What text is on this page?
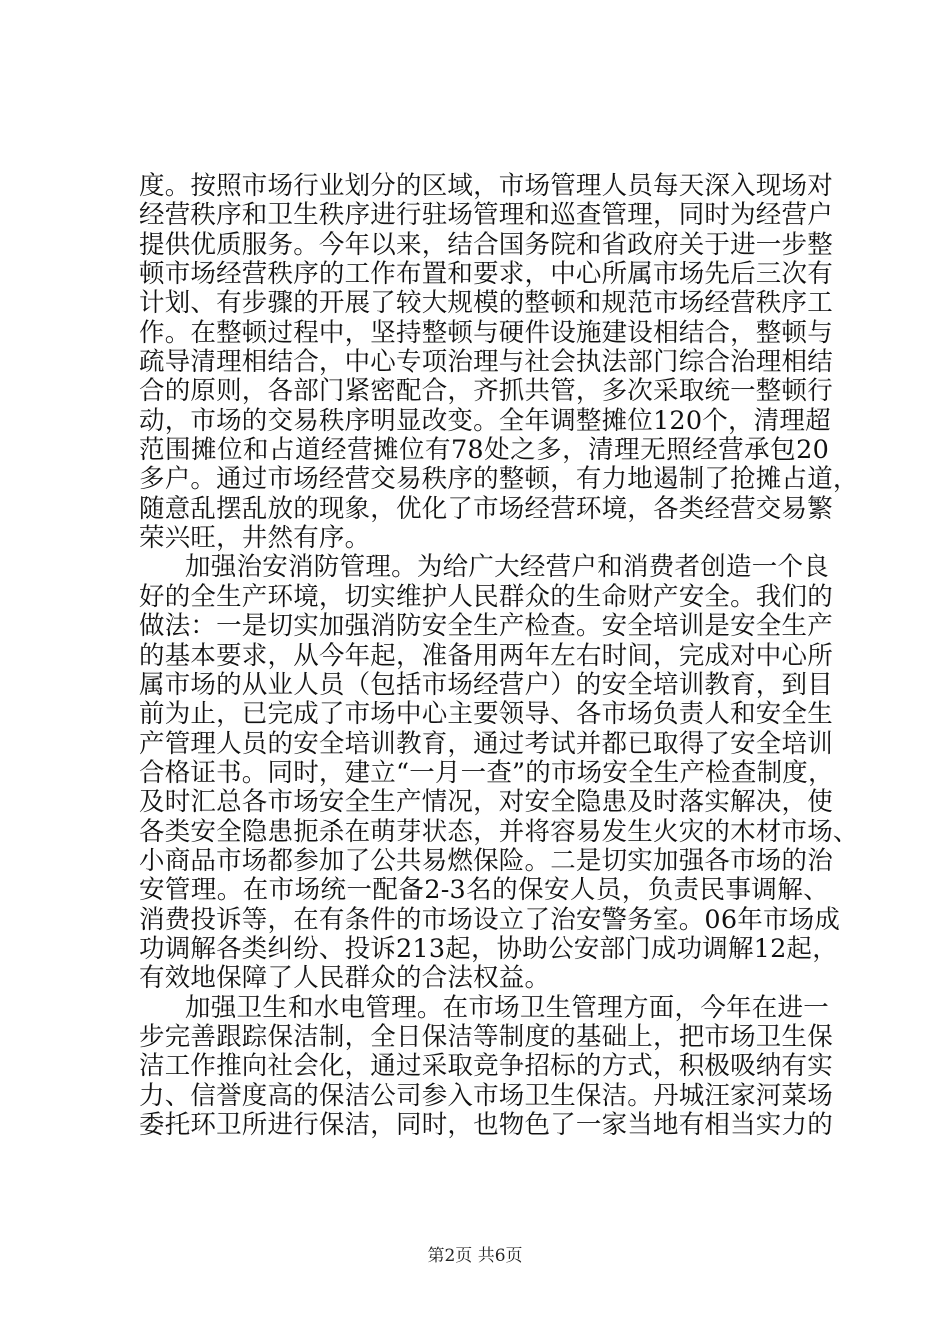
度。按照市场行业划分的区域，市场管理人员每天深入现场对
经营秩序和卫生秩序进行驻场管理和巡查管理，同时为经营户
提供优质服务。今年以来，结合国务院和省政府关于进一步整
顿市场经营秩序的工作布置和要求，中心所属市场先后三次有
计划、有步骤的开展了较大规模的整顿和规范市场经营秩序工
作。在整顿过程中，坚持整顿与硬件设施建设相结合，整顿与
疏导清理相结合，中心专项治理与社会执法部门综合治理相结
合的原则，各部门紧密配合，齐抓共管，多次采取统一整顿行
动，市场的交易秩序明显改变。全年调整摊位120个，清理超
范围摊位和占道经营摊位有78处之多，清理无照经营承包20
多户。通过市场经营交易秩序的整顿，有力地遏制了抢摊占道，
随意乱摆乱放的现象，优化了市场经营环境，各类经营交易繁
荣兴旺，井然有序。
加强治安消防管理。为给广大经营户和消费者创造一个良
好的全生产环境，切实维护人民群众的生命财产安全。我们的
做法：一是切实加强消防安全生产检查。安全培训是安全生产
的基本要求，从今年起，准备用两年左右时间，完成对中心所
属市场的从业人员（包括市场经营户）的安全培训教育，到目
前为止，已完成了市场中心主要领导、各市场负责人和安全生
产管理人员的安全培训教育，通过考试并都已取得了安全培训
合格证书。同时，建立“一月一查”的市场安全生产检查制度，
及时汇总各市场安全生产情况，对安全隐患及时落实解决，使
各类安全隐患扼杀在萌芽状态，并将容易发生火灾的木材市场、
小商品市场都参加了公共易燃保险。二是切实加强各市场的治
安管理。在市场统一配备2-3名的保安人员，负责民事调解、
消费投诉等，在有条件的市场设立了治安警务室。06年市场成
功调解各类纠纷、投诉213起，协助公安部门成功调解12起，
有效地保障了人民群众的合法权益。
加强卫生和水电管理。在市场卫生管理方面，今年在进一
步完善跟踪保洁制，全日保洁等制度的基础上，把市场卫生保
洁工作推向社会化，通过采取竞争招标的方式，积极吸纳有实
力、信誉度高的保洁公司参入市场卫生保洁。丹城汪家河菜场
委托环卫所进行保洁，同时，也物色了一家当地有相当实力的
第2页 共6页
